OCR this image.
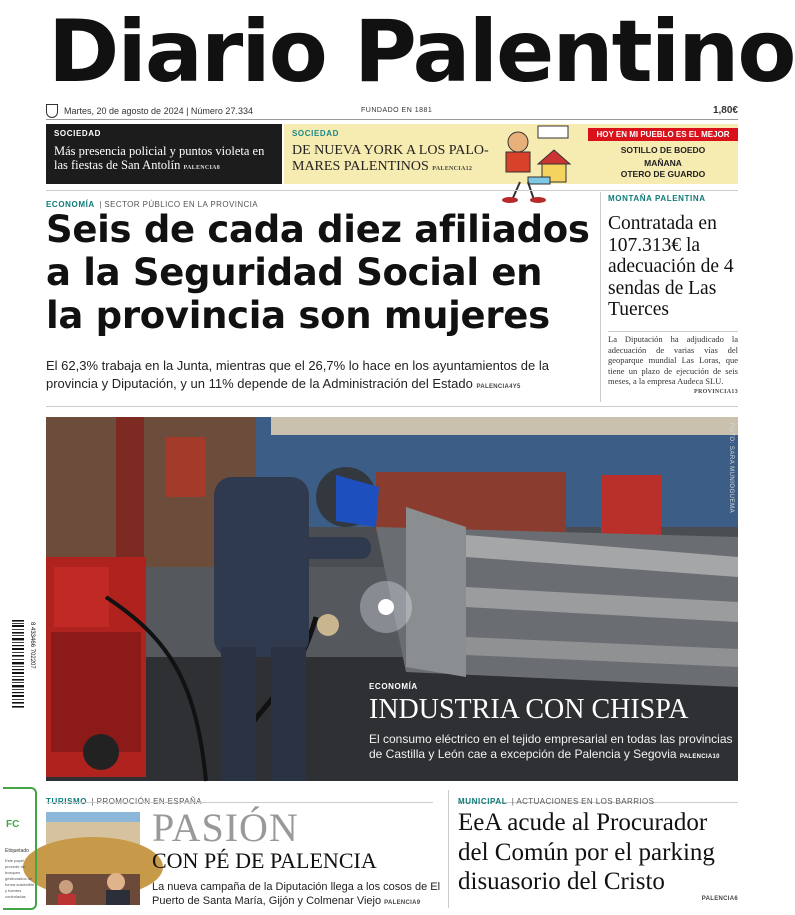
Diario Palentino
Martes, 20 de agosto de 2024 | Número 27.334	FUNDADO EN 1881	1,80€
SOCIEDAD
Más presencia policial y puntos violeta en las fiestas de San Antolín PALENCIA8
SOCIEDAD
DE NUEVA YORK A LOS PALO-MARES PALENTINOS PALENCIA12
HOY EN MI PUEBLO ES EL MEJOR
SOTILLO DE BOEDO
MAÑANA
OTERO DE GUARDO
ECONOMÍA | SECTOR PÚBLICO EN LA PROVINCIA
Seis de cada diez afiliados a la Seguridad Social en la provincia son mujeres
El 62,3% trabaja en la Junta, mientras que el 26,7% lo hace en los ayuntamientos de la provincia y Diputación, y un 11% depende de la Administración del Estado PALENCIA4Y5
MONTAÑA PALENTINA
Contratada en 107.313€ la adecuación de 4 sendas de Las Tuerces
La Diputación ha adjudicado la adecuación de varias vías del geoparque mundial Las Loras, que tiene un plazo de ejecución de seis meses, a la empresa Audeca SLU.
PROVINCIA13
8 433466 702207
FOTO: SARA MUNIOGUEMA
ECONOMÍA
INDUSTRIA CON CHISPA
El consumo eléctrico en el tejido empresarial en todas las provincias de Castilla y León cae a excepción de Palencia y Segovia PALENCIA10
PASIÓN
CON PÉ DE PALENCIA
La nueva campaña de la Diputación llega a los cosos de El Puerto de Santa María, Gijón y Colmenar Viejo PALENCIA9
MUNICIPAL | ACTUACIONES EN LOS BARRIOS
EeA acude al Procurador del Común por el parking disuasorio del Cristo
PALENCIA6
FC
Etiquetado
Este papel procede de bosques gestionados de forma sostenible y fuentes controladas
